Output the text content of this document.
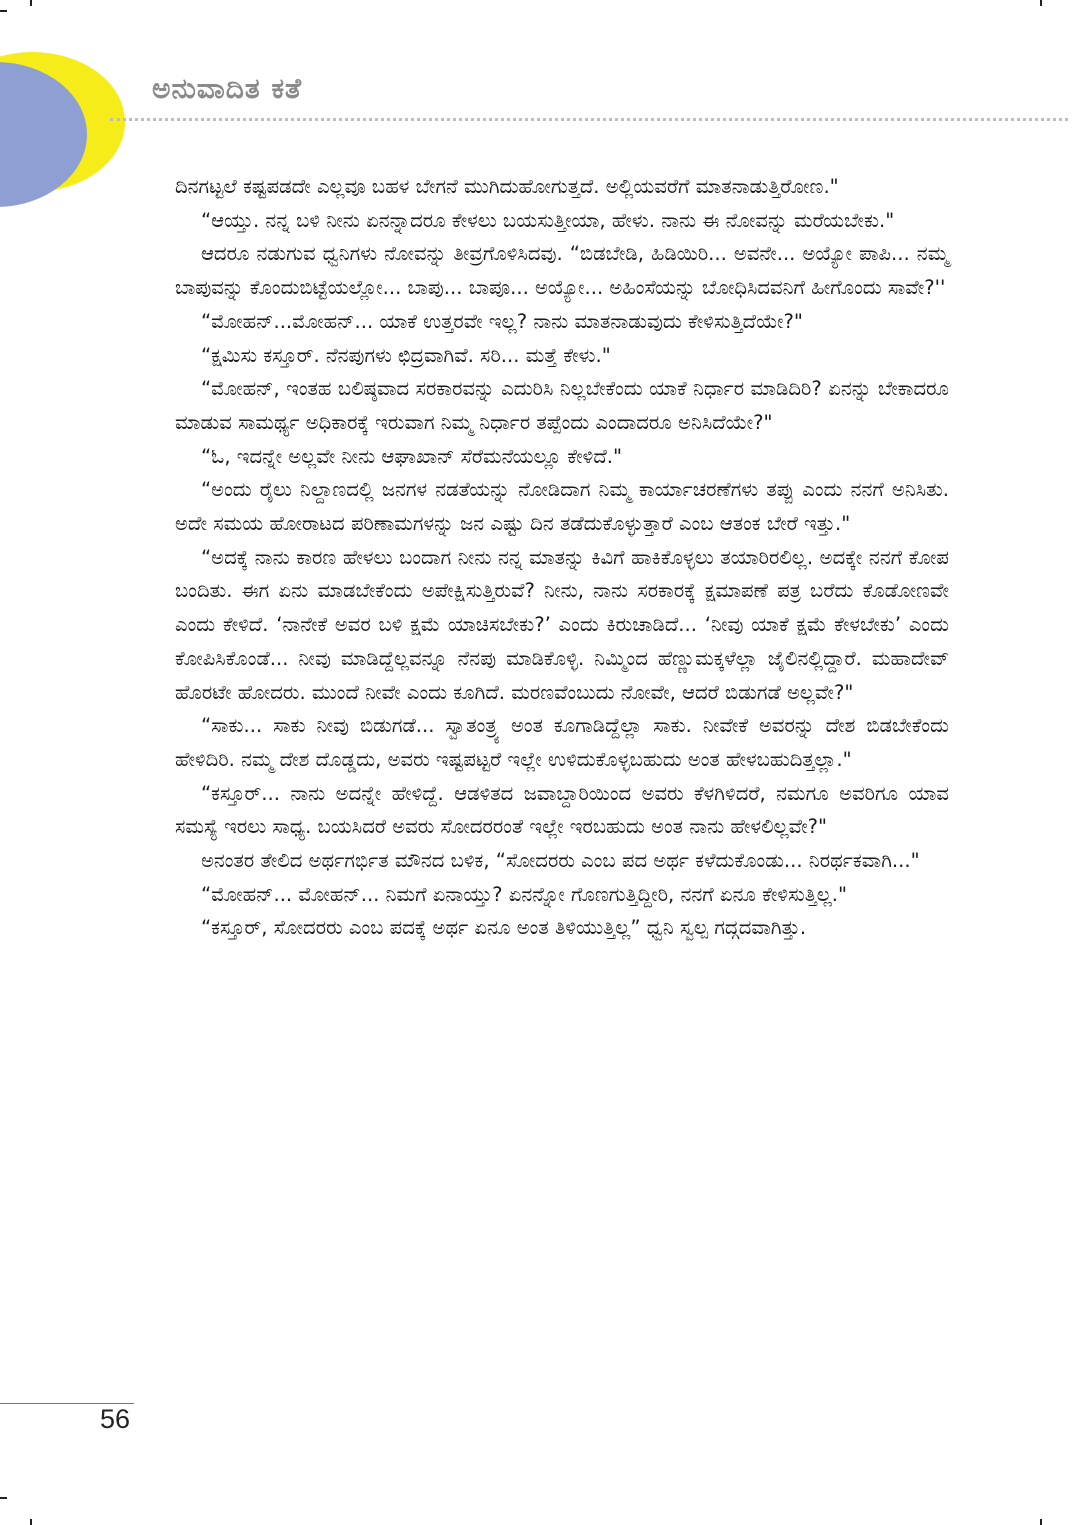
ಅನುವಾದಿತ ಕತೆ

ದಿನಗಟ್ಟಲೆ ಕಷ್ಟಪಡದೇ ಎಲ್ಲವೂ ಬಹಳ ಬೇಗನೆ ಮುಗಿದುಹೋಗುತ್ತದೆ. ಅಲ್ಲಿಯವರೆಗೆ ಮಾತನಾಡುತ್ತಿರೋಣ."

“ಆಯ್ತು. ನನ್ನ ಬಳಿ ನೀನು ಏನನ್ನಾದರೂ ಕೇಳಲು ಬಯಸುತ್ತೀಯಾ, ಹೇಳು. ನಾನು ಈ ನೋವನ್ನು ಮರೆಯಬೇಕು."

ಆದರೂ ನಡುಗುವ ಧ್ವನಿಗಳು ನೋವನ್ನು ತೀವ್ರಗೊಳಿಸಿದವು. “ಬಿಡಬೇಡಿ, ಹಿಡಿಯಿರಿ... ಅವನೇ... ಅಯ್ಯೋ ಪಾಪಿ... ನಮ್ಮ ಬಾಪುವನ್ನು ಕೊಂದುಬಿಟ್ಟೆಯಲ್ಲೋ... ಬಾಪು... ಬಾಪೂ... ಅಯ್ಯೋ... ಅಹಿಂಸೆಯನ್ನು ಬೋಧಿಸಿದವನಿಗೆ ಹೀಗೊಂದು ಸಾವೇ?''

“ಮೋಹನ್...ಮೋಹನ್... ಯಾಕೆ ಉತ್ತರವೇ ಇಲ್ಲ? ನಾನು ಮಾತನಾಡುವುದು ಕೇಳಿಸುತ್ತಿದೆಯೇ?"

“ಕ್ಷಮಿಸು ಕಸ್ತೂರ್. ನೆನಪುಗಳು ಛಿದ್ರವಾಗಿವೆ. ಸರಿ... ಮತ್ತೆ ಕೇಳು."

“ಮೋಹನ್, ಇಂತಹ ಬಲಿಷ್ಠವಾದ ಸರಕಾರವನ್ನು ಎದುರಿಸಿ ನಿಲ್ಲಬೇಕೆಂದು ಯಾಕೆ ನಿರ್ಧಾರ ಮಾಡಿದಿರಿ? ಏನನ್ನು ಬೇಕಾದರೂ ಮಾಡುವ ಸಾಮರ್ಥ್ಯ ಅಧಿಕಾರಕ್ಕೆ ಇರುವಾಗ ನಿಮ್ಮ ನಿರ್ಧಾರ ತಪ್ಪೆಂದು ಎಂದಾದರೂ ಅನಿಸಿದೆಯೇ?"

“ಓ, ಇದನ್ನೇ ಅಲ್ಲವೇ ನೀನು ಆಘಾಖಾನ್ ಸೆರೆಮನೆಯಲ್ಲೂ ಕೇಳಿದೆ."

“ಅಂದು ರೈಲು ನಿಲ್ದಾಣದಲ್ಲಿ ಜನಗಳ ನಡತೆಯನ್ನು ನೋಡಿದಾಗ ನಿಮ್ಮ ಕಾರ್ಯಾಚರಣೆಗಳು ತಪ್ಪು ಎಂದು ನನಗೆ ಅನಿಸಿತು. ಅದೇ ಸಮಯ ಹೋರಾಟದ ಪರಿಣಾಮಗಳನ್ನು ಜನ ಎಷ್ಟು ದಿನ ತಡೆದುಕೊಳ್ಳುತ್ತಾರೆ ಎಂಬ ಆತಂಕ ಬೇರೆ ಇತ್ತು."

“ಅದಕ್ಕೆ ನಾನು ಕಾರಣ ಹೇಳಲು ಬಂದಾಗ ನೀನು ನನ್ನ ಮಾತನ್ನು ಕಿವಿಗೆ ಹಾಕಿಕೊಳ್ಳಲು ತಯಾರಿರಲಿಲ್ಲ. ಅದಕ್ಕೇ ನನಗೆ ಕೋಪ ಬಂದಿತು. ಈಗ ಏನು ಮಾಡಬೇಕೆಂದು ಅಪೇಕ್ಷಿಸುತ್ತಿರುವೆ? ನೀನು, ನಾನು ಸರಕಾರಕ್ಕೆ ಕ್ಷಮಾಪಣೆ ಪತ್ರ ಬರೆದು ಕೊಡೋಣವೇ ಎಂದು ಕೇಳಿದೆ. ‘ನಾನೇಕೆ ಅವರ ಬಳಿ ಕ್ಷಮೆ ಯಾಚಿಸಬೇಕು?’ ಎಂದು ಕಿರುಚಾಡಿದೆ... ‘ನೀವು ಯಾಕೆ ಕ್ಷಮೆ ಕೇಳಬೇಕು’ ಎಂದು ಕೋಪಿಸಿಕೊಂಡೆ... ನೀವು ಮಾಡಿದ್ದೆಲ್ಲವನ್ನೂ ನೆನಪು ಮಾಡಿಕೊಳ್ಳಿ. ನಿಮ್ಮಿಂದ ಹೆಣ್ಣುಮಕ್ಕಳೆಲ್ಲಾ ಜೈಲಿನಲ್ಲಿದ್ದಾರೆ. ಮಹಾದೇವ್ ಹೊರಟೇ ಹೋದರು. ಮುಂದೆ ನೀವೇ ಎಂದು ಕೂಗಿದೆ. ಮರಣವೆಂಬುದು ನೋವೇ, ಆದರೆ ಬಿಡುಗಡೆ ಅಲ್ಲವೇ?"

“ಸಾಕು... ಸಾಕು ನೀವು ಬಿಡುಗಡೆ... ಸ್ವಾತಂತ್ರ್ಯ ಅಂತ ಕೂಗಾಡಿದ್ದೆಲ್ಲಾ ಸಾಕು. ನೀವೇಕೆ ಅವರನ್ನು ದೇಶ ಬಿಡಬೇಕೆಂದು ಹೇಳಿದಿರಿ. ನಮ್ಮ ದೇಶ ದೊಡ್ಡದು, ಅವರು ಇಷ್ಟಪಟ್ಟರೆ ಇಲ್ಲೇ ಉಳಿದುಕೊಳ್ಳಬಹುದು ಅಂತ ಹೇಳಬಹುದಿತ್ತಲ್ಲಾ."

“ಕಸ್ತೂರ್... ನಾನು ಅದನ್ನೇ ಹೇಳಿದ್ದೆ. ಆಡಳಿತದ ಜವಾಬ್ದಾರಿಯಿಂದ ಅವರು ಕೆಳಗಿಳಿದರೆ, ನಮಗೂ ಅವರಿಗೂ ಯಾವ ಸಮಸ್ಯೆ ಇರಲು ಸಾಧ್ಯ. ಬಯಸಿದರೆ ಅವರು ಸೋದರರಂತೆ ಇಲ್ಲೇ ಇರಬಹುದು ಅಂತ ನಾನು ಹೇಳಲಿಲ್ಲವೇ?"

ಅನಂತರ ತೇಲಿದ ಅರ್ಥಗರ್ಭಿತ ಮೌನದ ಬಳಿಕ, “ಸೋದರರು ಎಂಬ ಪದ ಅರ್ಥ ಕಳೆದುಕೊಂಡು... ನಿರರ್ಥಕವಾಗಿ..."

“ಮೋಹನ್... ಮೋಹನ್... ನಿಮಗೆ ಏನಾಯ್ತು? ಏನನ್ನೋ ಗೊಣಗುತ್ತಿದ್ದೀರಿ, ನನಗೆ ಏನೂ ಕೇಳಿಸುತ್ತಿಲ್ಲ."

“ಕಸ್ತೂರ್, ಸೋದರರು ಎಂಬ ಪದಕ್ಕೆ ಅರ್ಥ ಏನೂ ಅಂತ ತಿಳಿಯುತ್ತಿಲ್ಲ” ಧ್ವನಿ ಸ್ವಲ್ಪ ಗದ್ಗದವಾಗಿತ್ತು.

56
